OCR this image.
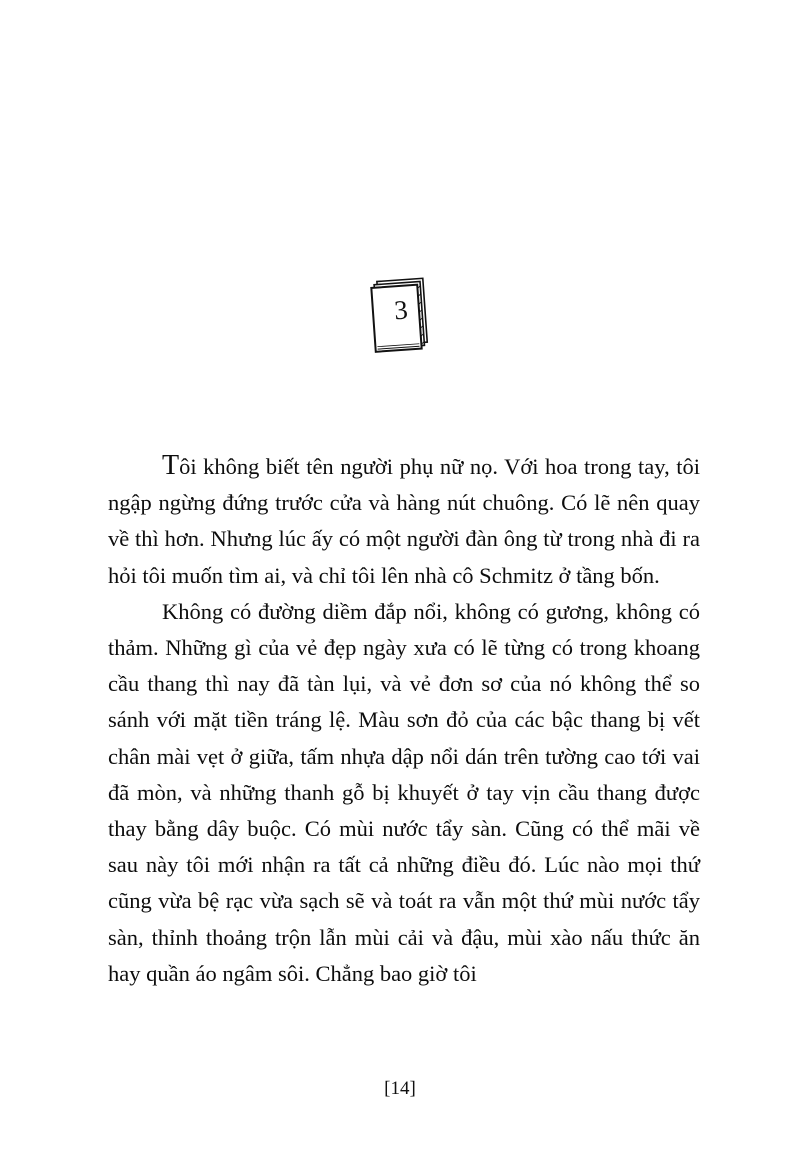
3

Tôi không biết tên người phụ nữ nọ. Với hoa trong tay, tôi ngập ngừng đứng trước cửa và hàng nút chuông. Có lẽ nên quay về thì hơn. Nhưng lúc ấy có một người đàn ông từ trong nhà đi ra hỏi tôi muốn tìm ai, và chỉ tôi lên nhà cô Schmitz ở tầng bốn.

Không có đường diềm đắp nổi, không có gương, không có thảm. Những gì của vẻ đẹp ngày xưa có lẽ từng có trong khoang cầu thang thì nay đã tàn lụi, và vẻ đơn sơ của nó không thể so sánh với mặt tiền tráng lệ. Màu sơn đỏ của các bậc thang bị vết chân mài vẹt ở giữa, tấm nhựa dập nổi dán trên tường cao tới vai đã mòn, và những thanh gỗ bị khuyết ở tay vịn cầu thang được thay bằng dây buộc. Có mùi nước tẩy sàn. Cũng có thể mãi về sau này tôi mới nhận ra tất cả những điều đó. Lúc nào mọi thứ cũng vừa bệ rạc vừa sạch sẽ và toát ra vẫn một thứ mùi nước tẩy sàn, thỉnh thoảng trộn lẫn mùi cải và đậu, mùi xào nấu thức ăn hay quần áo ngâm sôi. Chẳng bao giờ tôi

[14]
